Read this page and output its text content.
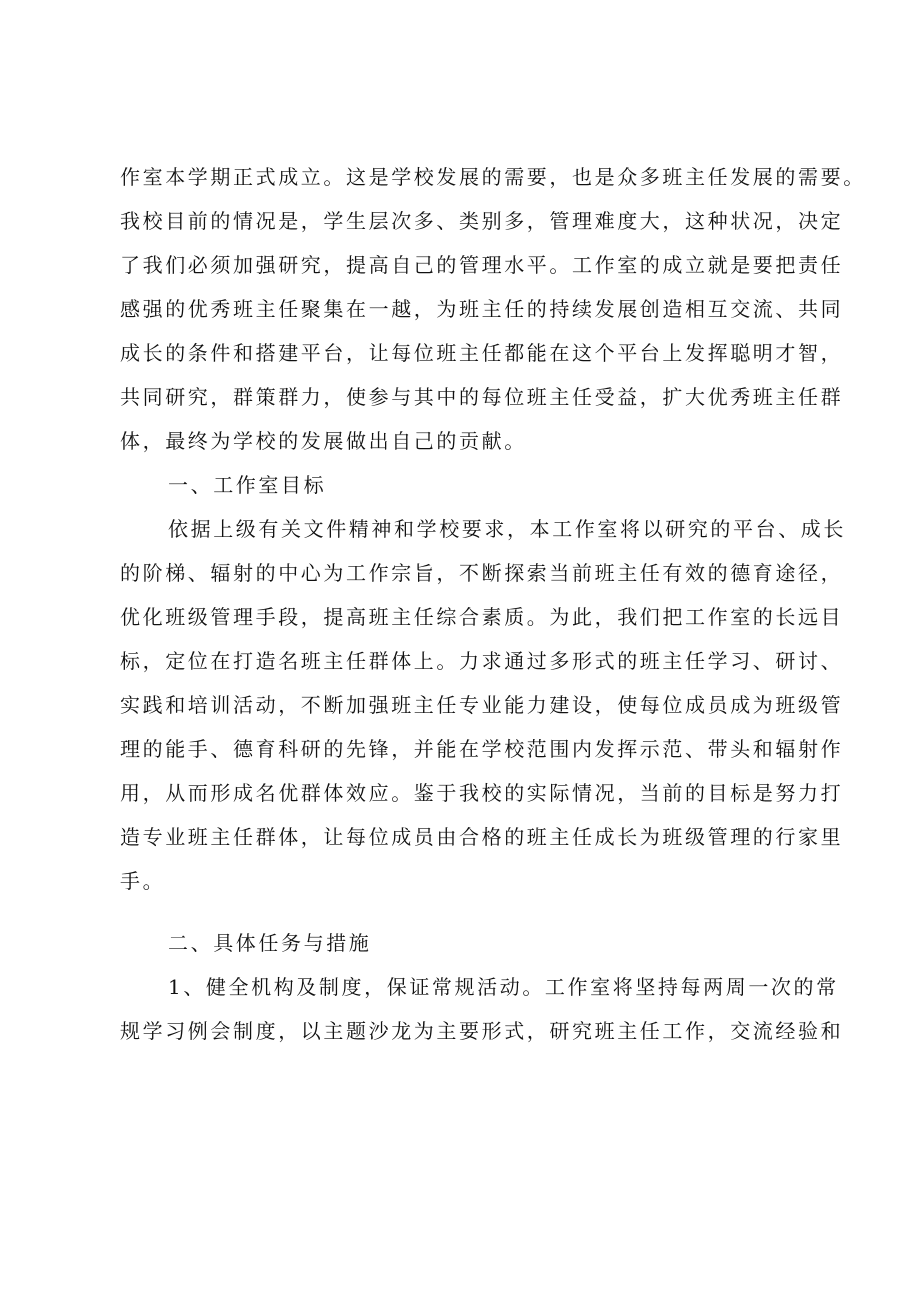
作室本学期正式成立。这是学校发展的需要，也是众多班主任发展的需要。
我校目前的情况是，学生层次多、类别多，管理难度大，这种状况，决定
了我们必须加强研究，提高自己的管理水平。工作室的成立就是要把责任
感强的优秀班主任聚集在一越，为班主任的持续发展创造相互交流、共同
成长的条件和搭建平台，让每位班主任都能在这个平台上发挥聪明才智，
共同研究，群策群力，使参与其中的每位班主任受益，扩大优秀班主任群
体，最终为学校的发展做出自己的贡献。
一、工作室目标
依据上级有关文件精神和学校要求，本工作室将以研究的平台、成长
的阶梯、辐射的中心为工作宗旨，不断探索当前班主任有效的德育途径，
优化班级管理手段，提高班主任综合素质。为此，我们把工作室的长远目
标，定位在打造名班主任群体上。力求通过多形式的班主任学习、研讨、
实践和培训活动，不断加强班主任专业能力建设，使每位成员成为班级管
理的能手、德育科研的先锋，并能在学校范围内发挥示范、带头和辐射作
用，从而形成名优群体效应。鉴于我校的实际情况，当前的目标是努力打
造专业班主任群体，让每位成员由合格的班主任成长为班级管理的行家里
手。
二、具体任务与措施
1、健全机构及制度，保证常规活动。工作室将坚持每两周一次的常
规学习例会制度，以主题沙龙为主要形式，研究班主任工作，交流经验和
